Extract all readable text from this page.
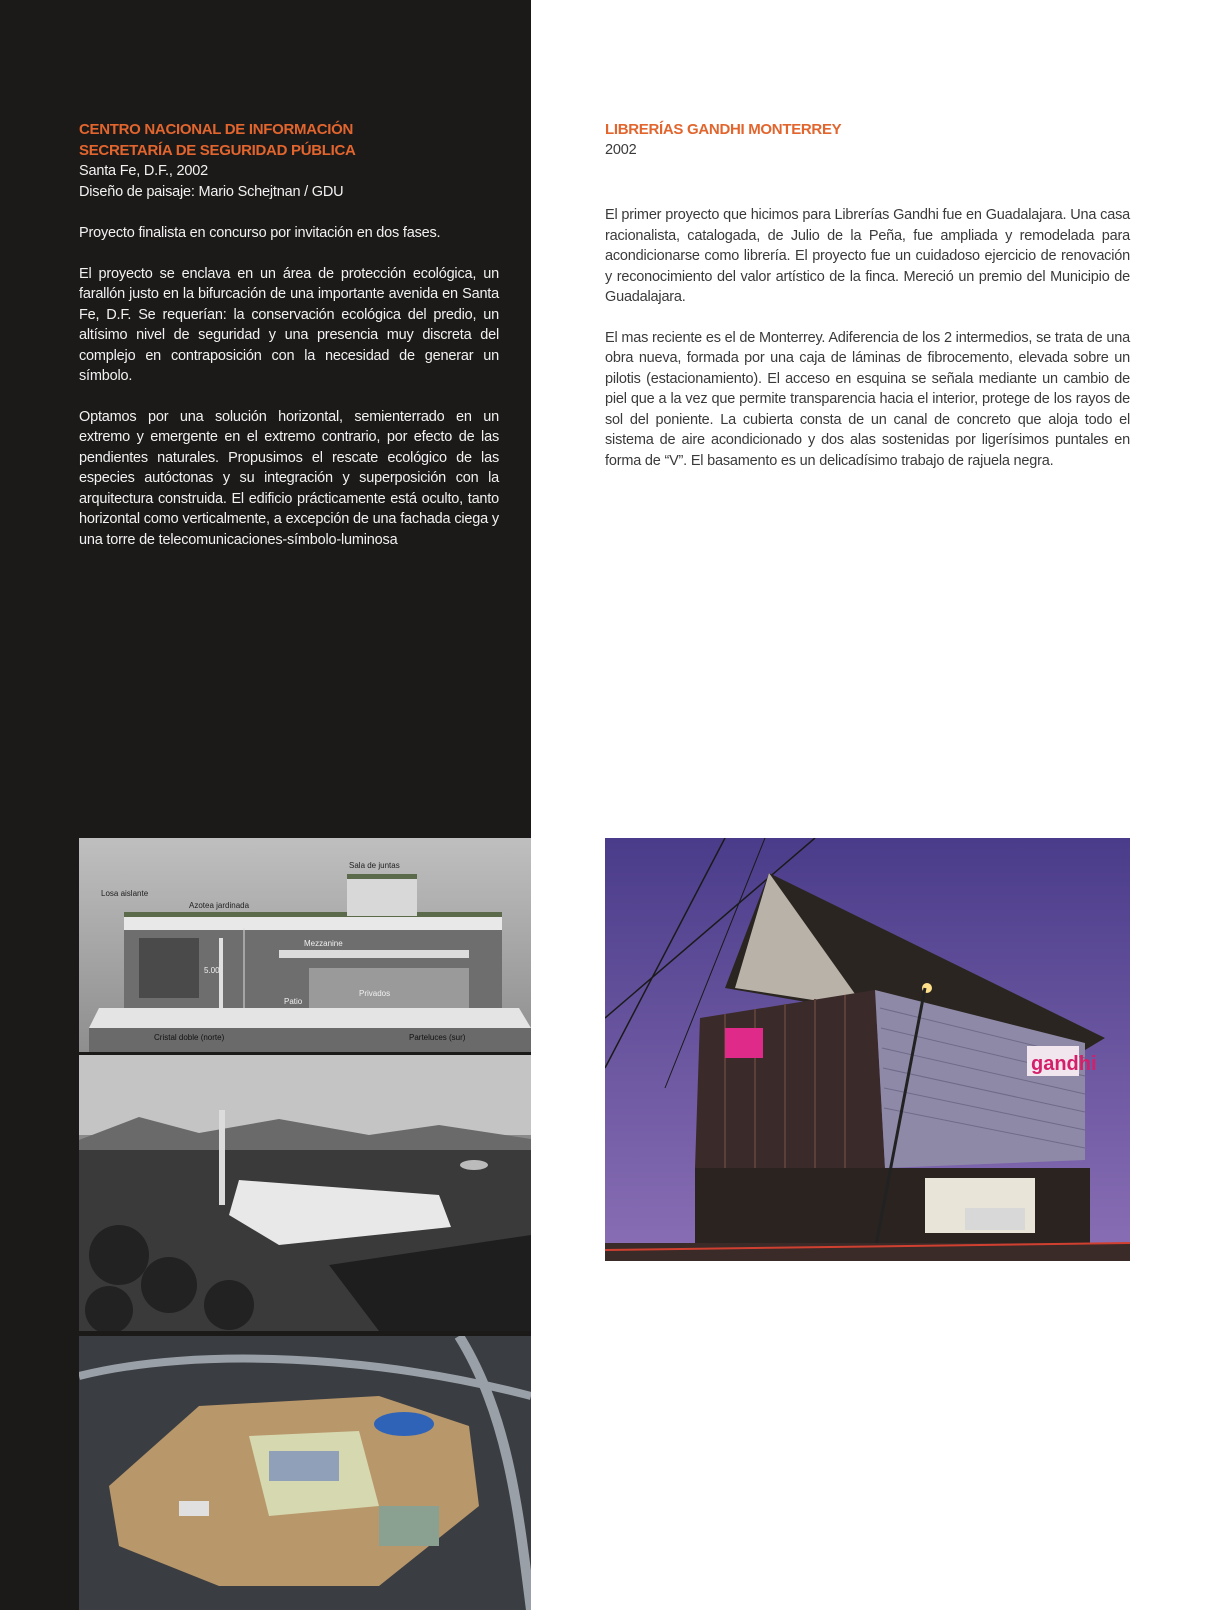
CENTRO NACIONAL DE INFORMACIÓN

SECRETARÍA DE SEGURIDAD PÚBLICA

Santa Fe, D.F., 2002

Diseño de paisaje: Mario Schejtnan / GDU

Proyecto finalista en concurso por invitación en dos fases.

El proyecto se enclava en un área de protección ecológica, un farallón justo en la bifurcación de una importante avenida en Santa Fe, D.F. Se requerían: la conservación ecológica del predio, un altísimo nivel de seguridad y una presencia muy discreta del complejo en contraposición con la necesidad de generar un símbolo.

Optamos por una solución horizontal, semienterrado en un extremo y emergente en el extremo contrario, por efecto de las pendientes naturales. Propusimos el rescate ecológico de las especies autóctonas y su integración y superposición con la arquitectura construida. El edificio prácticamente está oculto, tanto horizontal como verticalmente, a excepción de una fachada ciega y una torre de telecomunicaciones-símbolo-luminosa

LIBRERÍAS GANDHI MONTERREY

2002

El primer proyecto que hicimos para Librerías Gandhi fue en Guadalajara. Una casa racionalista, catalogada, de Julio de la Peña, fue ampliada y remodelada para acondicionarse como librería. El proyecto fue un cuidadoso ejercicio de renovación y reconocimiento del valor artístico de la finca. Mereció un premio del Municipio de Guadalajara.

El mas reciente es el de Monterrey. Adiferencia de los 2 intermedios, se trata de una obra nueva, formada por una caja de láminas de fibrocemento, elevada sobre un pilotis (estacionamiento). El acceso en esquina se señala mediante un cambio de piel que a la vez que permite transparencia hacia el interior, protege de los rayos de sol del poniente. La cubierta consta de un canal de concreto que aloja todo el sistema de aire acondicionado y dos alas sostenidas por ligerísimos puntales en forma de “V”. El basamento es un delicadísimo trabajo de rajuela negra.

Sala de juntas
Losa aislante
Azotea jardinada
Mezzanine
Privados
Patio
5.00
Cristal doble (norte)	Parteluces (sur)
gandhi
